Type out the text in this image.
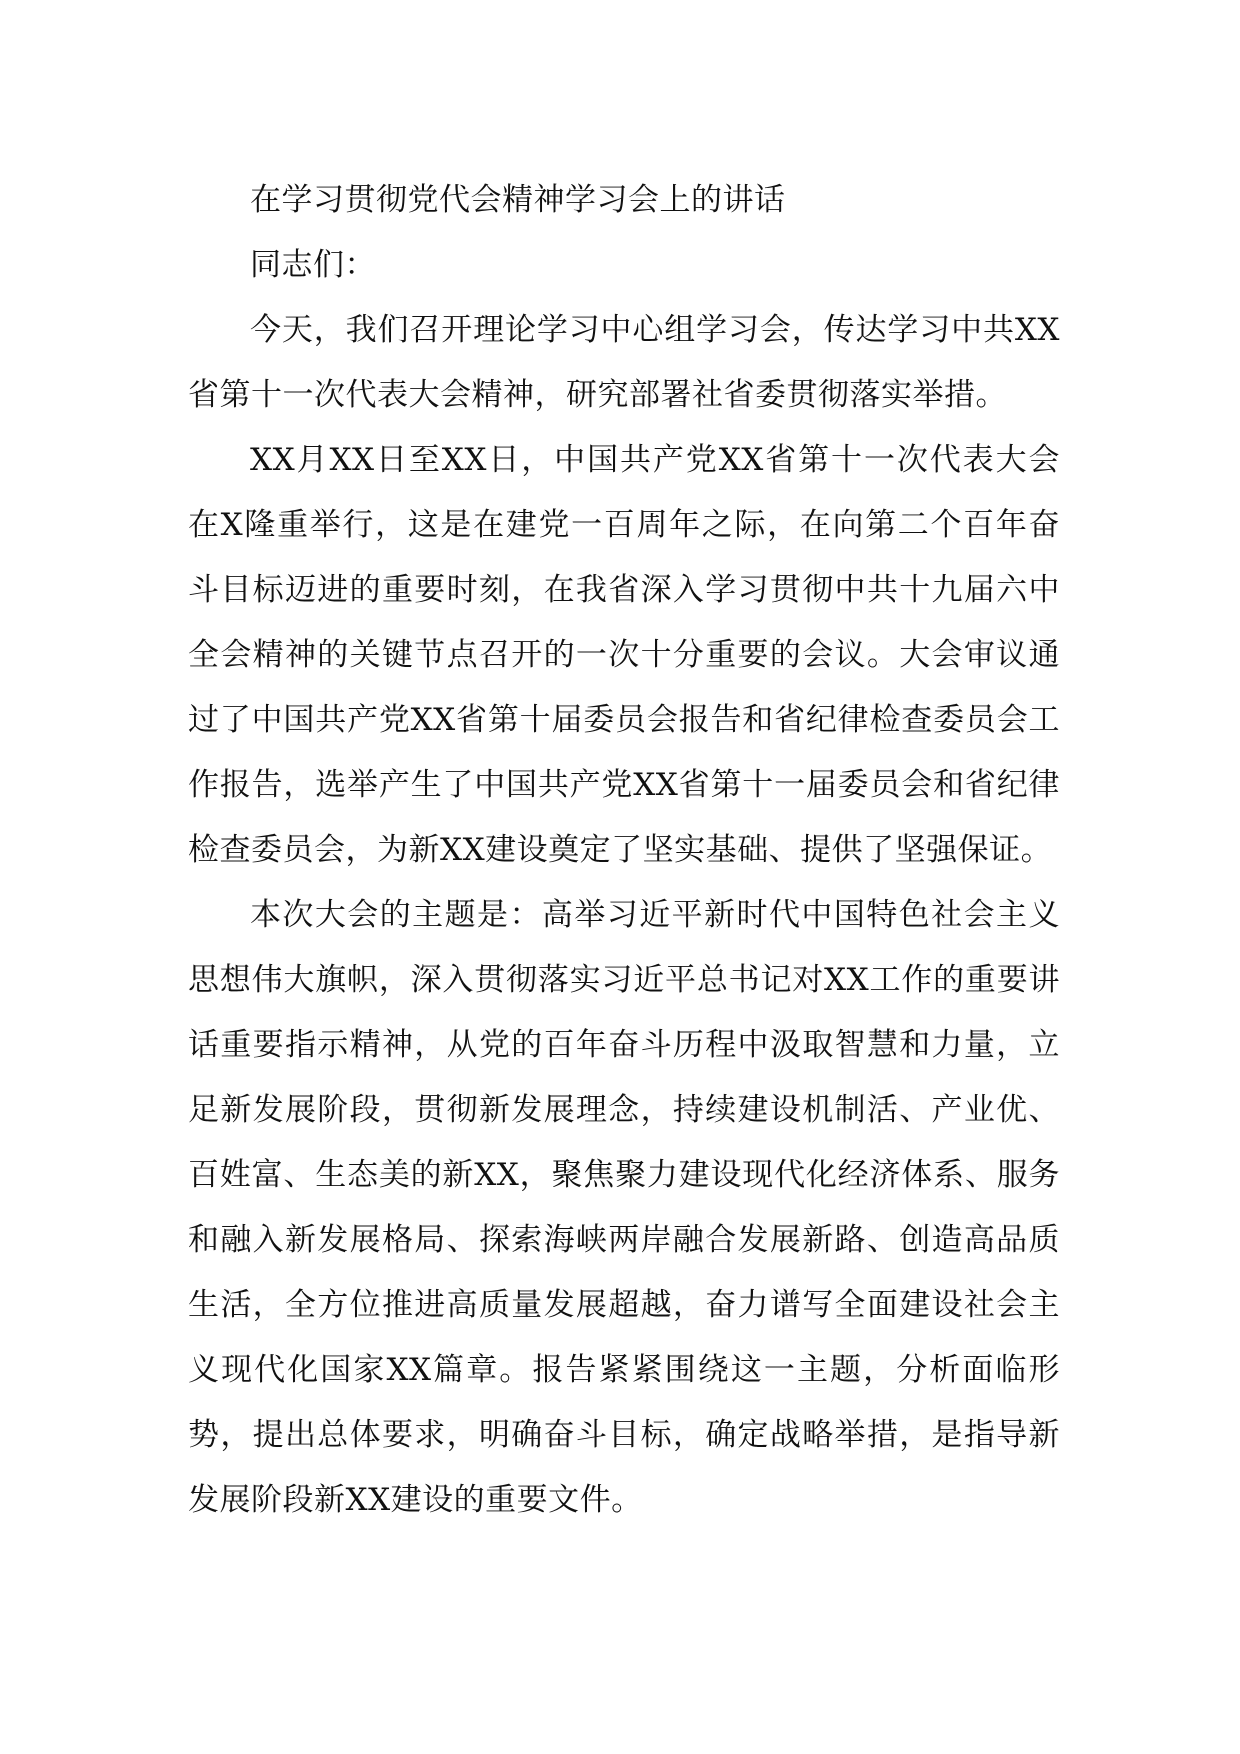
在学习贯彻党代会精神学习会上的讲话

同志们：

今天，我们召开理论学习中心组学习会，传达学习中共XX省第十一次代表大会精神，研究部署社省委贯彻落实举措。

XX月XX日至XX日，中国共产党XX省第十一次代表大会在X隆重举行，这是在建党一百周年之际，在向第二个百年奋斗目标迈进的重要时刻，在我省深入学习贯彻中共十九届六中全会精神的关键节点召开的一次十分重要的会议。大会审议通过了中国共产党XX省第十届委员会报告和省纪律检查委员会工作报告，选举产生了中国共产党XX省第十一届委员会和省纪律检查委员会，为新XX建设奠定了坚实基础、提供了坚强保证。

本次大会的主题是：高举习近平新时代中国特色社会主义思想伟大旗帜，深入贯彻落实习近平总书记对XX工作的重要讲话重要指示精神，从党的百年奋斗历程中汲取智慧和力量，立足新发展阶段，贯彻新发展理念，持续建设机制活、产业优、百姓富、生态美的新XX，聚焦聚力建设现代化经济体系、服务和融入新发展格局、探索海峡两岸融合发展新路、创造高品质生活，全方位推进高质量发展超越，奋力谱写全面建设社会主义现代化国家XX篇章。报告紧紧围绕这一主题，分析面临形势，提出总体要求，明确奋斗目标，确定战略举措，是指导新发展阶段新XX建设的重要文件。
